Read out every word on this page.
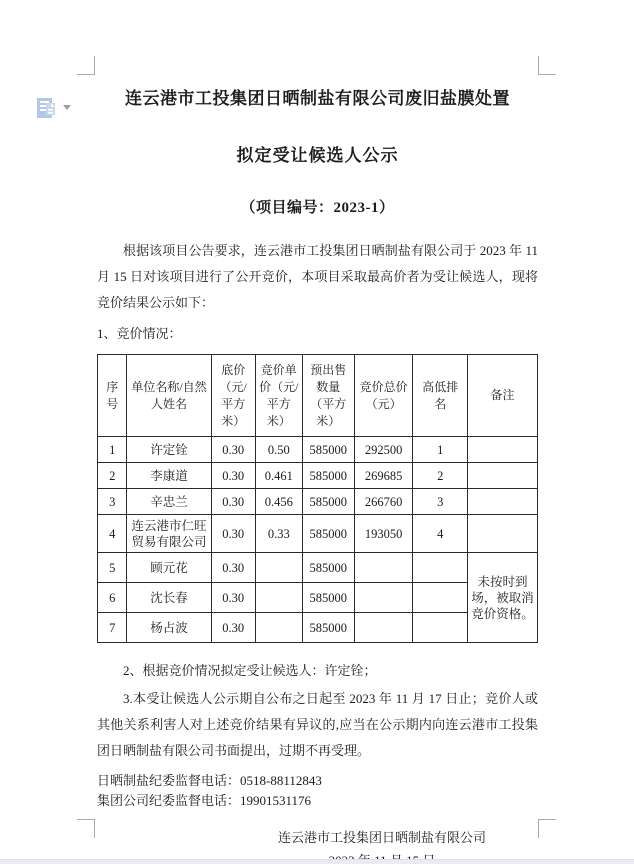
连云港市工投集团日晒制盐有限公司废旧盐膜处置
拟定受让候选人公示
（项目编号：2023-1）
根据该项目公告要求，连云港市工投集团日晒制盐有限公司于 2023 年 11 月 15 日对该项目进行了公开竞价，本项目采取最高价者为受让候选人，现将竞价结果公示如下：
1、竞价情况：
序号	单位名称/自然人姓名	底价（元/平方米）	竞价单价（元/平方米）	预出售数量（平方米）	竞价总价（元）	高低排名	备注
1	许定铨	0.30	0.50	585000	292500	1	
2	李康道	0.30	0.461	585000	269685	2	
3	辛忠兰	0.30	0.456	585000	266760	3	
4	连云港市仁旺贸易有限公司	0.30	0.33	585000	193050	4	
5	顾元花	0.30		585000			未按时到场，被取消竞价资格。
6	沈长春	0.30		585000			
7	杨占波	0.30		585000			
2、根据竞价情况拟定受让候选人：许定铨；
3.本受让候选人公示期自公布之日起至 2023 年 11 月 17 日止；竞价人或其他关系利害人对上述竞价结果有异议的,应当在公示期内向连云港市工投集团日晒制盐有限公司书面提出，过期不再受理。
日晒制盐纪委监督电话：0518-88112843
集团公司纪委监督电话：19901531176
连云港市工投集团日晒制盐有限公司
